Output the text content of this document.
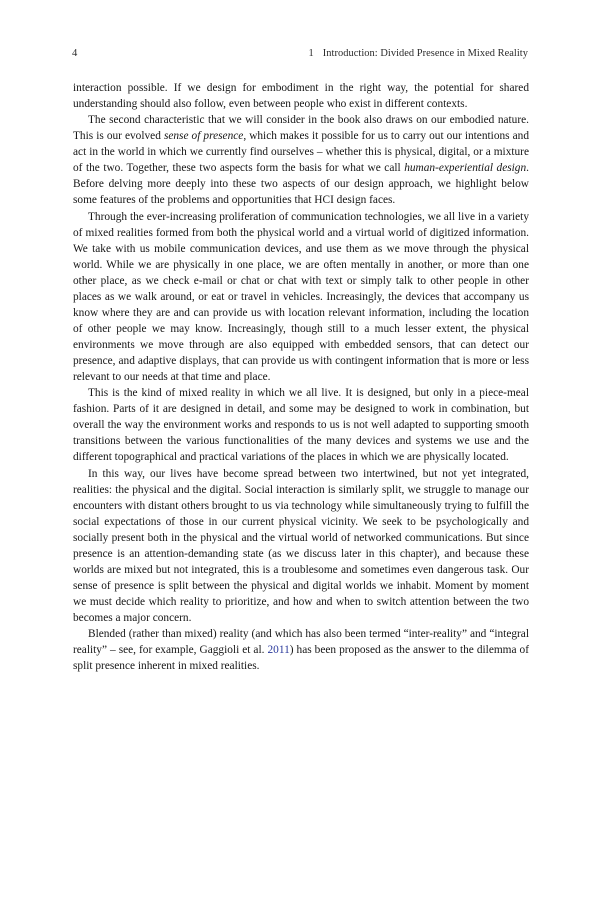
4	1 Introduction: Divided Presence in Mixed Reality

interaction possible. If we design for embodiment in the right way, the potential for shared understanding should also follow, even between people who exist in different contexts.

The second characteristic that we will consider in the book also draws on our embodied nature. This is our evolved sense of presence, which makes it possible for us to carry out our intentions and act in the world in which we currently find ourselves – whether this is physical, digital, or a mixture of the two. Together, these two aspects form the basis for what we call human-experiential design. Before delving more deeply into these two aspects of our design approach, we highlight below some features of the problems and opportunities that HCI design faces.

Through the ever-increasing proliferation of communication technologies, we all live in a variety of mixed realities formed from both the physical world and a virtual world of digitized information. We take with us mobile communication devices, and use them as we move through the physical world. While we are physically in one place, we are often mentally in another, or more than one other place, as we check e-mail or chat or chat with text or simply talk to other people in other places as we walk around, or eat or travel in vehicles. Increasingly, the devices that accompany us know where they are and can provide us with location relevant information, including the location of other people we may know. Increasingly, though still to a much lesser extent, the physical environments we move through are also equipped with embedded sensors, that can detect our presence, and adaptive displays, that can provide us with contingent information that is more or less relevant to our needs at that time and place.

This is the kind of mixed reality in which we all live. It is designed, but only in a piece-meal fashion. Parts of it are designed in detail, and some may be designed to work in combination, but overall the way the environment works and responds to us is not well adapted to supporting smooth transitions between the various functionalities of the many devices and systems we use and the different topographical and practical variations of the places in which we are physically located.

In this way, our lives have become spread between two intertwined, but not yet integrated, realities: the physical and the digital. Social interaction is similarly split, we struggle to manage our encounters with distant others brought to us via technology while simultaneously trying to fulfill the social expectations of those in our current physical vicinity. We seek to be psychologically and socially present both in the physical and the virtual world of networked communications. But since presence is an attention-demanding state (as we discuss later in this chapter), and because these worlds are mixed but not integrated, this is a troublesome and sometimes even dangerous task. Our sense of presence is split between the physical and digital worlds we inhabit. Moment by moment we must decide which reality to prioritize, and how and when to switch attention between the two becomes a major concern.

Blended (rather than mixed) reality (and which has also been termed “inter-reality” and “integral reality” – see, for example, Gaggioli et al. 2011) has been proposed as the answer to the dilemma of split presence inherent in mixed realities.
